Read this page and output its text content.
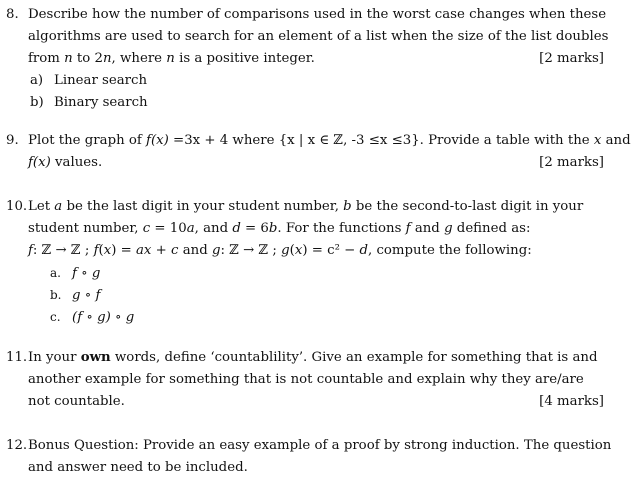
8. Describe how the number of comparisons used in the worst case changes when these
algorithms are used to search for an element of a list when the size of the list doubles
from n to 2n, where n is a positive integer.	[2 marks]
a) Linear search
b) Binary search
9. Plot the graph of f(x) =3x + 4 where {x | x ∈ ℤ, -3 ≤x ≤3}. Provide a table with the x and
f(x) values.	[2 marks]
10. Let a be the last digit in your student number, b be the second-to-last digit in your
student number, c = 10a, and d = 6b. For the functions f and g defined as:
f: ℤ → ℤ ; f(x) = ax + c and g: ℤ → ℤ ; g(x) = c² − d, compute the following:
a. f ∘ g
b. g ∘ f
c. (f ∘ g) ∘ g
11. In your own words, define ‘countablility’. Give an example for something that is and
another example for something that is not countable and explain why they are/are
not countable.	[4 marks]
12. Bonus Question: Provide an easy example of a proof by strong induction. The question
and answer need to be included.
